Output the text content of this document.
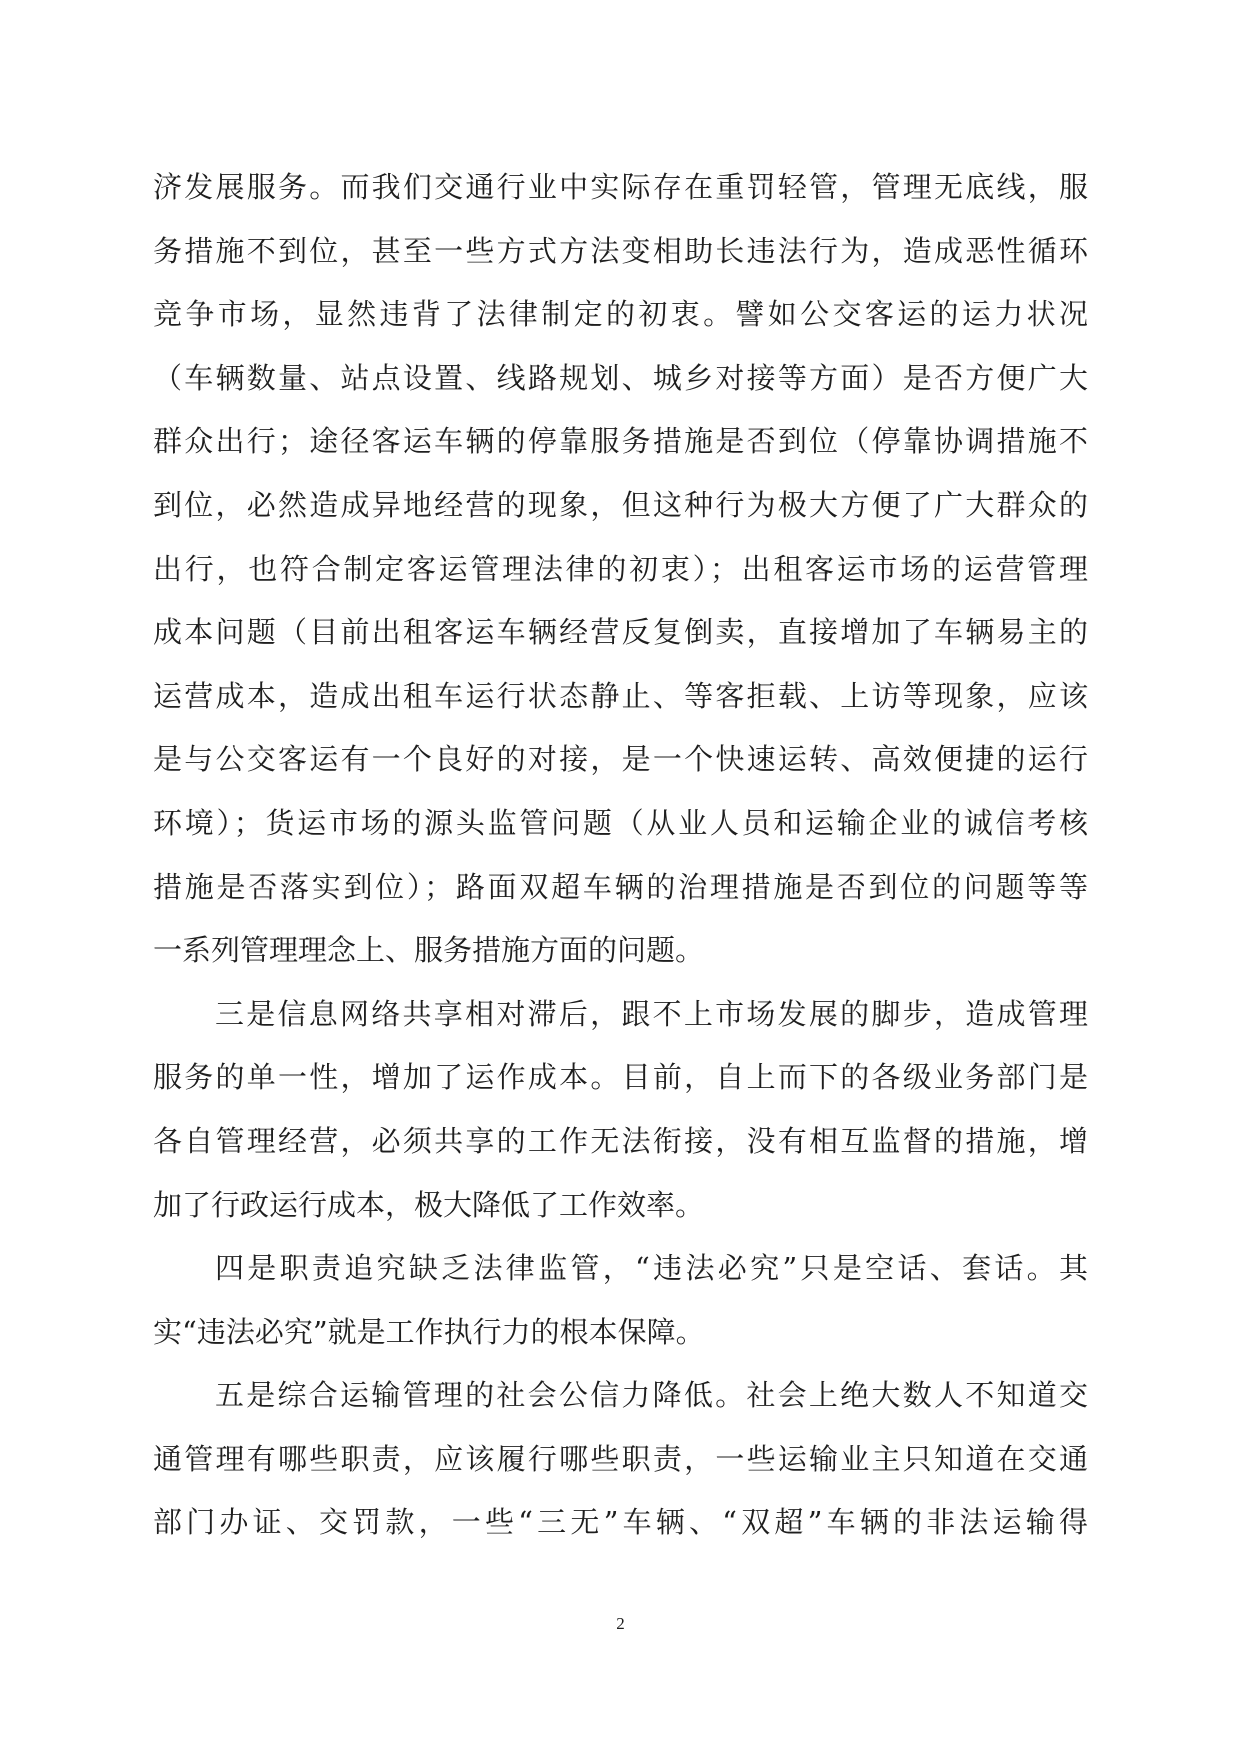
济发展服务。而我们交通行业中实际存在重罚轻管，管理无底线，服
务措施不到位，甚至一些方式方法变相助长违法行为，造成恶性循环
竞争市场，显然违背了法律制定的初衷。譬如公交客运的运力状况
（车辆数量、站点设置、线路规划、城乡对接等方面）是否方便广大
群众出行；途径客运车辆的停靠服务措施是否到位（停靠协调措施不
到位，必然造成异地经营的现象，但这种行为极大方便了广大群众的
出行，也符合制定客运管理法律的初衷）；出租客运市场的运营管理
成本问题（目前出租客运车辆经营反复倒卖，直接增加了车辆易主的
运营成本，造成出租车运行状态静止、等客拒载、上访等现象，应该
是与公交客运有一个良好的对接，是一个快速运转、高效便捷的运行
环境）；货运市场的源头监管问题（从业人员和运输企业的诚信考核
措施是否落实到位）；路面双超车辆的治理措施是否到位的问题等等
一系列管理理念上、服务措施方面的问题。
三是信息网络共享相对滞后，跟不上市场发展的脚步，造成管理
服务的单一性，增加了运作成本。目前，自上而下的各级业务部门是
各自管理经营，必须共享的工作无法衔接，没有相互监督的措施，增
加了行政运行成本，极大降低了工作效率。
四是职责追究缺乏法律监管，“违法必究”只是空话、套话。其
实“违法必究”就是工作执行力的根本保障。
五是综合运输管理的社会公信力降低。社会上绝大数人不知道交
通管理有哪些职责，应该履行哪些职责，一些运输业主只知道在交通
部门办证、交罚款，一些“三无”车辆、“双超”车辆的非法运输得
2
